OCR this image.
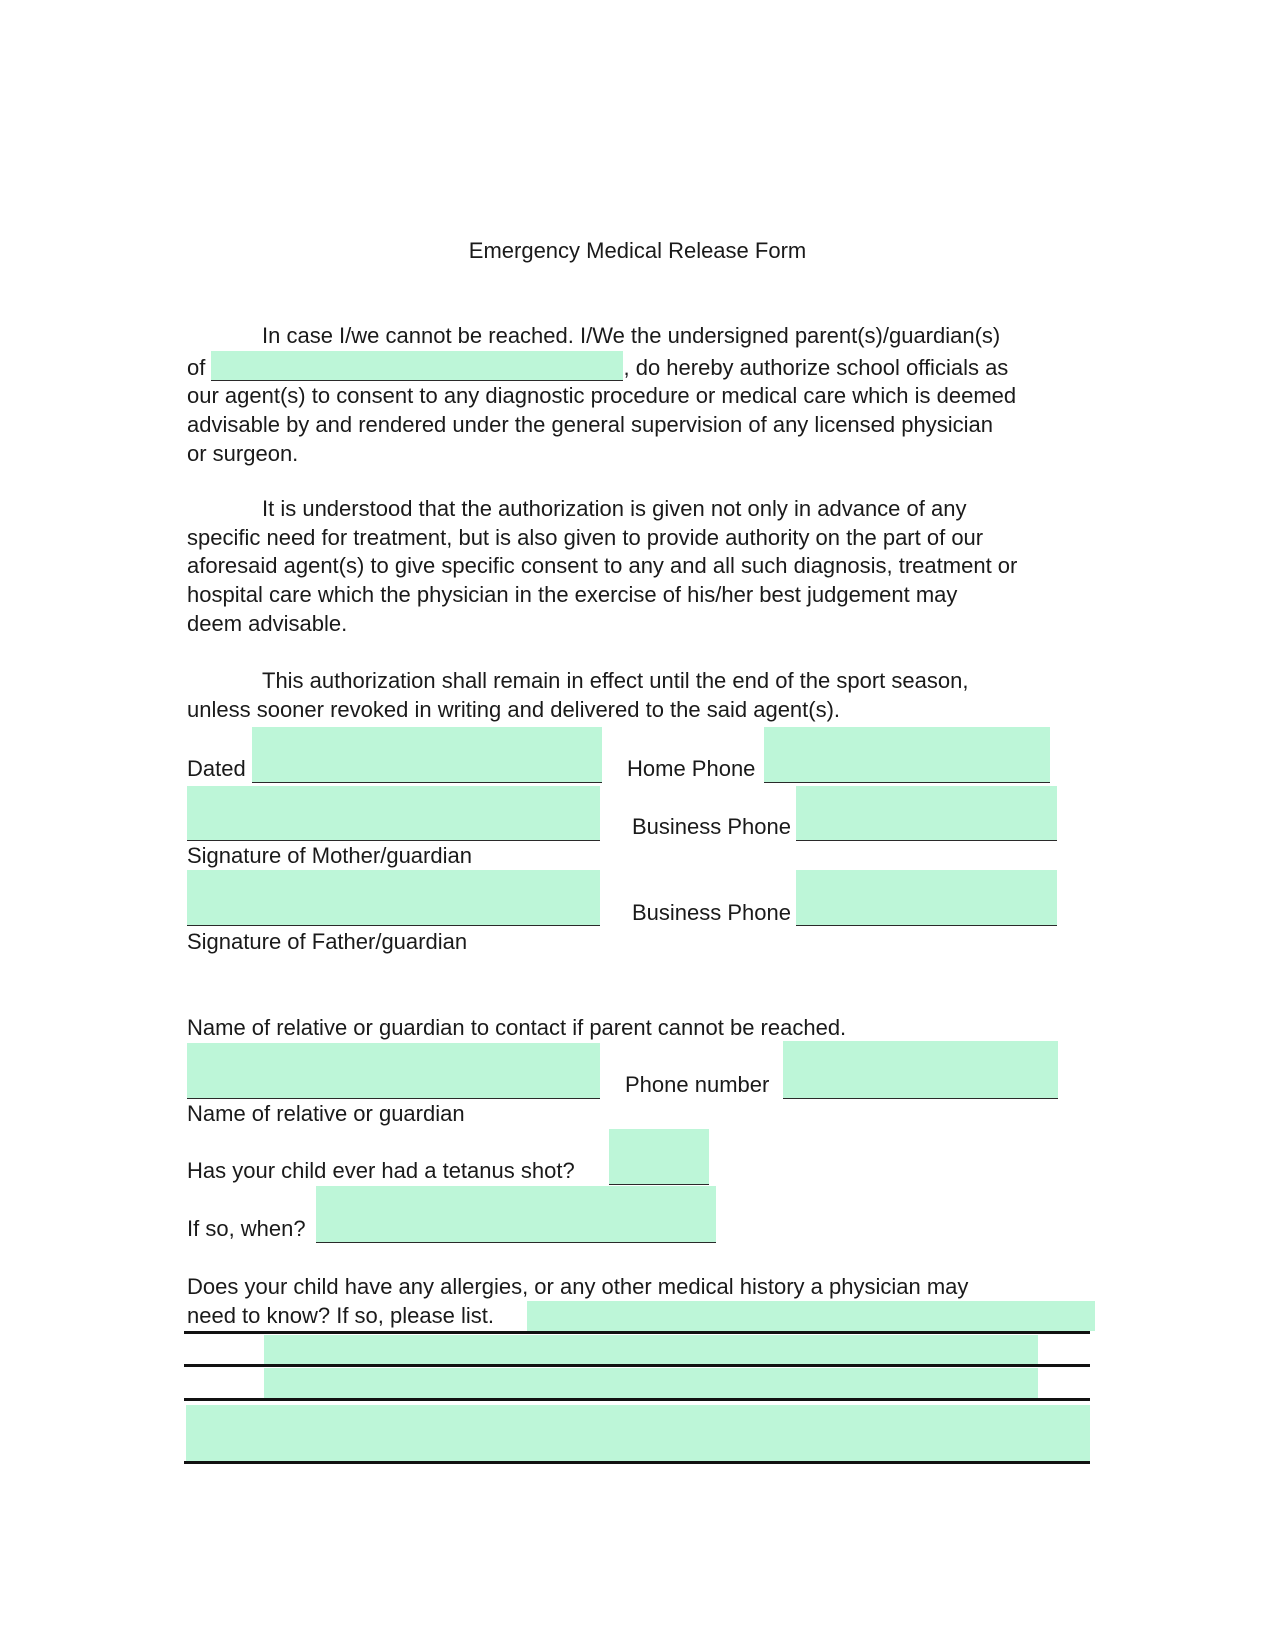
Emergency Medical Release Form
In case I/we cannot be reached. I/We the undersigned parent(s)/guardian(s)
of	, do hereby authorize school officials as
our agent(s) to consent to any diagnostic procedure or medical care which is deemed
advisable by and rendered under the general supervision of any licensed physician
or surgeon.
It is understood that the authorization is given not only in advance of any
specific need for treatment, but is also given to provide authority on the part of our
aforesaid agent(s) to give specific consent to any and all such diagnosis, treatment or
hospital care which the physician in the exercise of his/her best judgement may
deem advisable.
This authorization shall remain in effect until the end of the sport season,
unless sooner revoked in writing and delivered to the said agent(s).
Dated	Home Phone
Signature of Mother/guardian
Business Phone
Signature of Father/guardian
Business Phone
Name of relative or guardian to contact if parent cannot be reached.
Name of relative or guardian
Phone number
Has your child ever had a tetanus shot?
If so, when?
Does your child have any allergies, or any other medical history a physician may
need to know? If so, please list.
